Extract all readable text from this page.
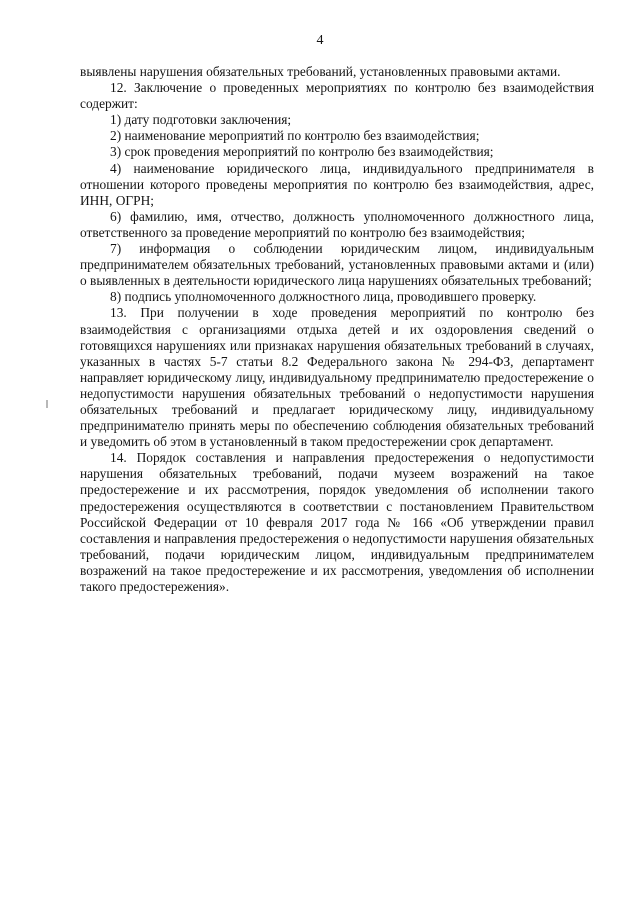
4

выявлены нарушения обязательных требований, установленных правовыми актами.

12. Заключение о проведенных мероприятиях по контролю без взаимодействия содержит:

1) дату подготовки заключения;

2) наименование мероприятий по контролю без взаимодействия;

3) срок проведения мероприятий по контролю без взаимодействия;

4) наименование юридического лица, индивидуального предпринимателя в отношении которого проведены мероприятия по контролю без взаимодействия, адрес, ИНН, ОГРН;

6) фамилию, имя, отчество, должность уполномоченного должностного лица, ответственного за проведение мероприятий по контролю без взаимодействия;

7) информация о соблюдении юридическим лицом, индивидуальным предпринимателем обязательных требований, установленных правовыми актами и (или) о выявленных в деятельности юридического лица нарушениях обязательных требований;

8) подпись уполномоченного должностного лица, проводившего проверку.

13. При получении в ходе проведения мероприятий по контролю без взаимодействия с организациями отдыха детей и их оздоровления сведений о готовящихся нарушениях или признаках нарушения обязательных требований в случаях, указанных в частях 5-7 статьи 8.2 Федерального закона № 294-ФЗ, департамент направляет юридическому лицу, индивидуальному предпринимателю предостережение о недопустимости нарушения обязательных требований о недопустимости нарушения обязательных требований и предлагает юридическому лицу, индивидуальному предпринимателю принять меры по обеспечению соблюдения обязательных требований и уведомить об этом в установленный в таком предостережении срок департамент.

14. Порядок составления и направления предостережения о недопустимости нарушения обязательных требований, подачи музеем возражений на такое предостережение и их рассмотрения, порядок уведомления об исполнении такого предостережения осуществляются в соответствии с постановлением Правительством Российской Федерации от 10 февраля 2017 года № 166 «Об утверждении правил составления и направления предостережения о недопустимости нарушения обязательных требований, подачи юридическим лицом, индивидуальным предпринимателем возражений на такое предостережение и их рассмотрения, уведомления об исполнении такого предостережения».
